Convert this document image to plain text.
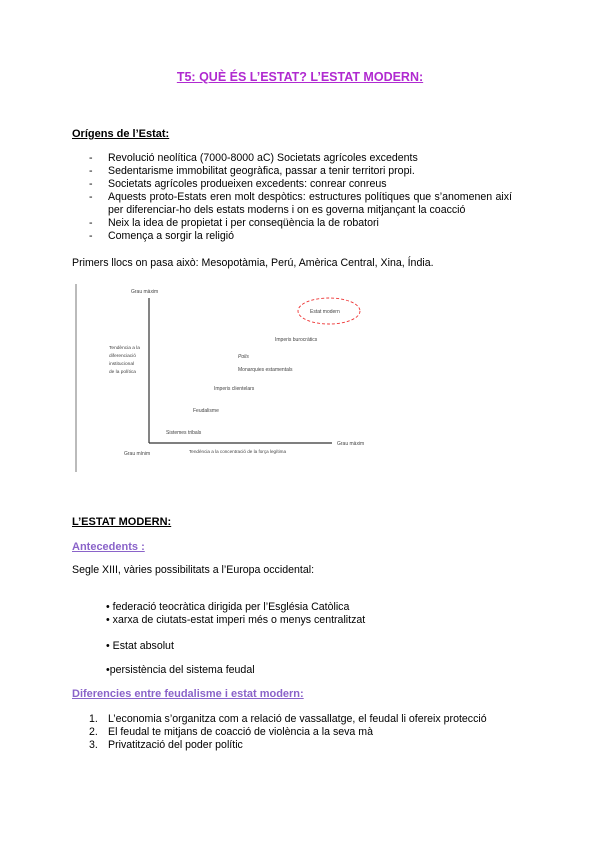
T5: QUÈ ÉS L’ESTAT? L’ESTAT MODERN:
Orígens de l’Estat:
- Revolució neolítica (7000-8000 aC) Societats agrícoles excedents
- Sedentarisme immobilitat geogràfica, passar a tenir territori propi.
- Societats agrícoles produeixen excedents: conrear conreus
- Aquests proto-Estats eren molt despòtics: estructures polítiques que s’anomenen així per diferenciar-ho dels estats moderns i on es governa mitjançant la coacció
- Neix la idea de propietat i per conseqüència la de robatori
- Comença a sorgir la religió
Primers llocs on pasa això: Mesopotàmia, Perú, Amèrica Central, Xina, Índia.
Grau màxim
Tendència a la diferenciació institucional de la política
Grau mínim	Tendència a la concentració de la força legítima
Grau màxim
Sistemes tribals
Feudalisme
Imperis clientelars
Polis
Monarquies estamentals
Imperis burocràtics
Estat modern
L’ESTAT MODERN:
Antecedents :
Segle XIII, vàries possibilitats a l’Europa occidental:
• federació teocràtica dirigida per l’Església Catòlica
• xarxa de ciutats-estat imperi més o menys centralitzat
• Estat absolut
•persistència del sistema feudal
Diferencies entre feudalisme i estat modern:
1. L’economia s’organitza com a relació de vassallatge, el feudal li ofereix protecció
2. El feudal te mitjans de coacció de violència a la seva mà
3. Privatització del poder polític
